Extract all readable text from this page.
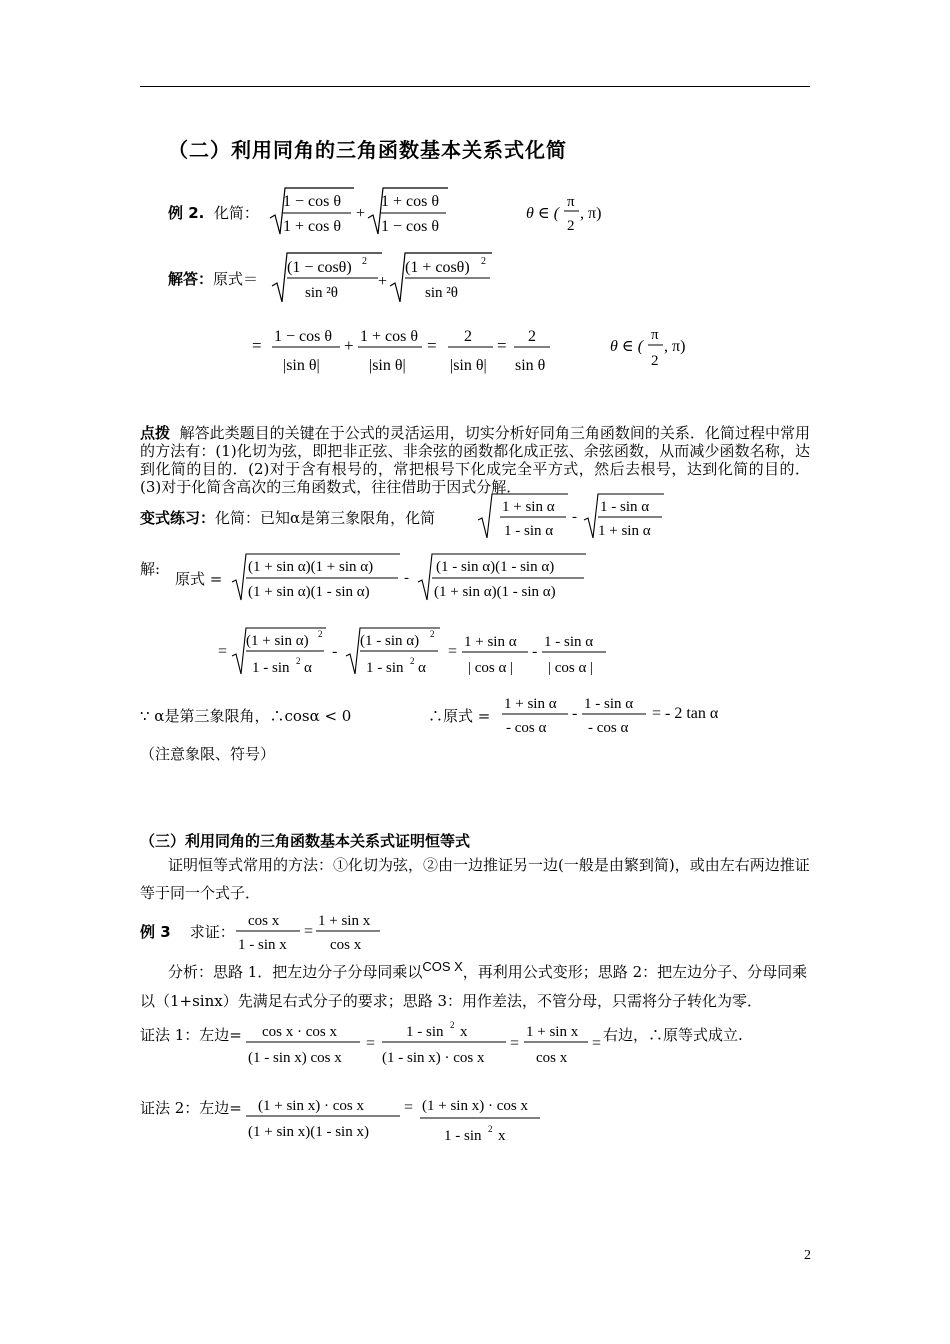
（二）利用同角的三角函数基本关系式化简
例 2. 化简：
1 − cos θ
1 + cos θ
+
1 + cos θ
1 − cos θ
θ ∈ (
π
2
, π)
解答：原式＝
(1 − cosθ) 2
sin ²θ
+
(1 + cosθ) 2
sin ²θ
= 1 − cos θ
|sin θ|
+ 1 + cos θ
|sin θ|
= 2
|sin θ|
= 2
sin θ
θ ∈ (
π
2
, π)
点拨 解答此类题目的关键在于公式的灵活运用，切实分析好同角三角函数间的关系．化简过程中常用的方法有：(1)化切为弦，即把非正弦、非余弦的函数都化成正弦、余弦函数，从而减少函数名称，达到化简的目的．(2)对于含有根号的，常把根号下化成完全平方式，然后去根号，达到化简的目的．(3)对于化简含高次的三角函数式，往往借助于因式分解．
变式练习：化简：已知α是第三象限角，化简
1 + sin α
1 - sin α
-
1 - sin α
1 + sin α
解:
原式 =
(1 + sin α)(1 + sin α)
(1 + sin α)(1 - sin α)
-
(1 - sin α)(1 - sin α)
(1 + sin α)(1 - sin α)
=
(1 + sin α) 2
1 - sin 2 α
-
(1 - sin α) 2
1 - sin 2 α
=
1 + sin α
| cos α |
-
1 - sin α
| cos α |
∵ α是第三象限角，∴cosα < 0	∴原式 =
1 + sin α
- cos α
-
1 - sin α
- cos α
= - 2 tan α
（注意象限、符号）
（三）利用同角的三角函数基本关系式证明恒等式
证明恒等式常用的方法：①化切为弦，②由一边推证另一边(一般是由繁到简)，或由左右两边推证等于同一个式子．
例 3 求证：
cos x
1 - sin x
=
1 + sin x
cos x
分析：思路 1．把左边分子分母同乘以COS X，再利用公式变形；思路 2：把左边分子、分母同乘以（1+sinx）先满足右式分子的要求；思路 3：用作差法，不管分母，只需将分子转化为零．
证法 1：左边= cos x · cos x
(1 - sin x) cos x
=
1 - sin 2 x
(1 - sin x) · cos x
=
1 + sin x
cos x
= 右边，∴原等式成立.
证法 2：左边= (1 + sin x) · cos x
(1 + sin x)(1 - sin x)
= (1 + sin x) · cos x
1 - sin 2 x
2
